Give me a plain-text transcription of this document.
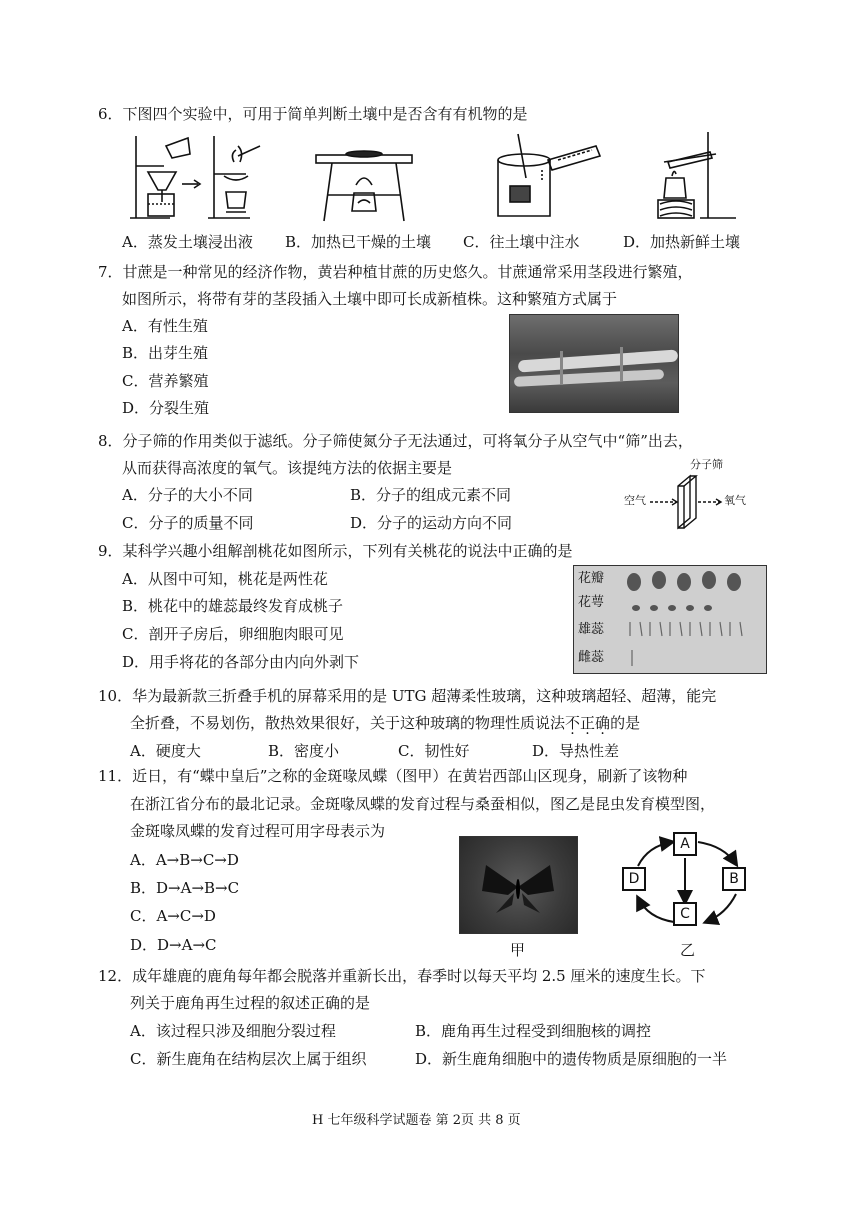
6．下图四个实验中，可用于简单判断土壤中是否含有有机物的是
A．蒸发土壤浸出液 B．加热已干燥的土壤 C．往土壤中注水	D．加热新鲜土壤
7．甘蔗是一种常见的经济作物，黄岩种植甘蔗的历史悠久。甘蔗通常采用茎段进行繁殖，
如图所示，将带有芽的茎段插入土壤中即可长成新植株。这种繁殖方式属于
A．有性生殖
B．出芽生殖
C．营养繁殖
D．分裂生殖
8．分子筛的作用类似于滤纸。分子筛使氮分子无法通过，可将氧分子从空气中“筛”出去，
从而获得高浓度的氧气。该提纯方法的依据主要是
A．分子的大小不同	B．分子的组成元素不同
C．分子的质量不同	D．分子的运动方向不同
分子筛
空气	氧气
9．某科学兴趣小组解剖桃花如图所示，下列有关桃花的说法中正确的是
A．从图中可知，桃花是两性花
B．桃花中的雄蕊最终发育成桃子
C．剖开子房后，卵细胞肉眼可见
D．用手将花的各部分由内向外剥下
花瓣
花萼
雄蕊
雌蕊
10．华为最新款三折叠手机的屏幕采用的是 UTG 超薄柔性玻璃，这种玻璃超轻、超薄，能完
全折叠，不易划伤，散热效果很好，关于这种玻璃的物理性质说法不正确的是
A．硬度大	B．密度小	C．韧性好	D．导热性差
11．近日，有“蝶中皇后”之称的金斑喙凤蝶（图甲）在黄岩西部山区现身，刷新了该物种
在浙江省分布的最北记录。金斑喙凤蝶的发育过程与桑蚕相似，图乙是昆虫发育模型图，
金斑喙凤蝶的发育过程可用字母表示为
A．A→B→C→D
B．D→A→B→C
C．A→C→D
D．D→A→C	甲
A
B
C
D
乙
12．成年雄鹿的鹿角每年都会脱落并重新长出，春季时以每天平均 2.5 厘米的速度生长。下
列关于鹿角再生过程的叙述正确的是
A．该过程只涉及细胞分裂过程	B．鹿角再生过程受到细胞核的调控
C．新生鹿角在结构层次上属于组织	D．新生鹿角细胞中的遗传物质是原细胞的一半
H 七年级科学试题卷 第 2页 共 8 页
